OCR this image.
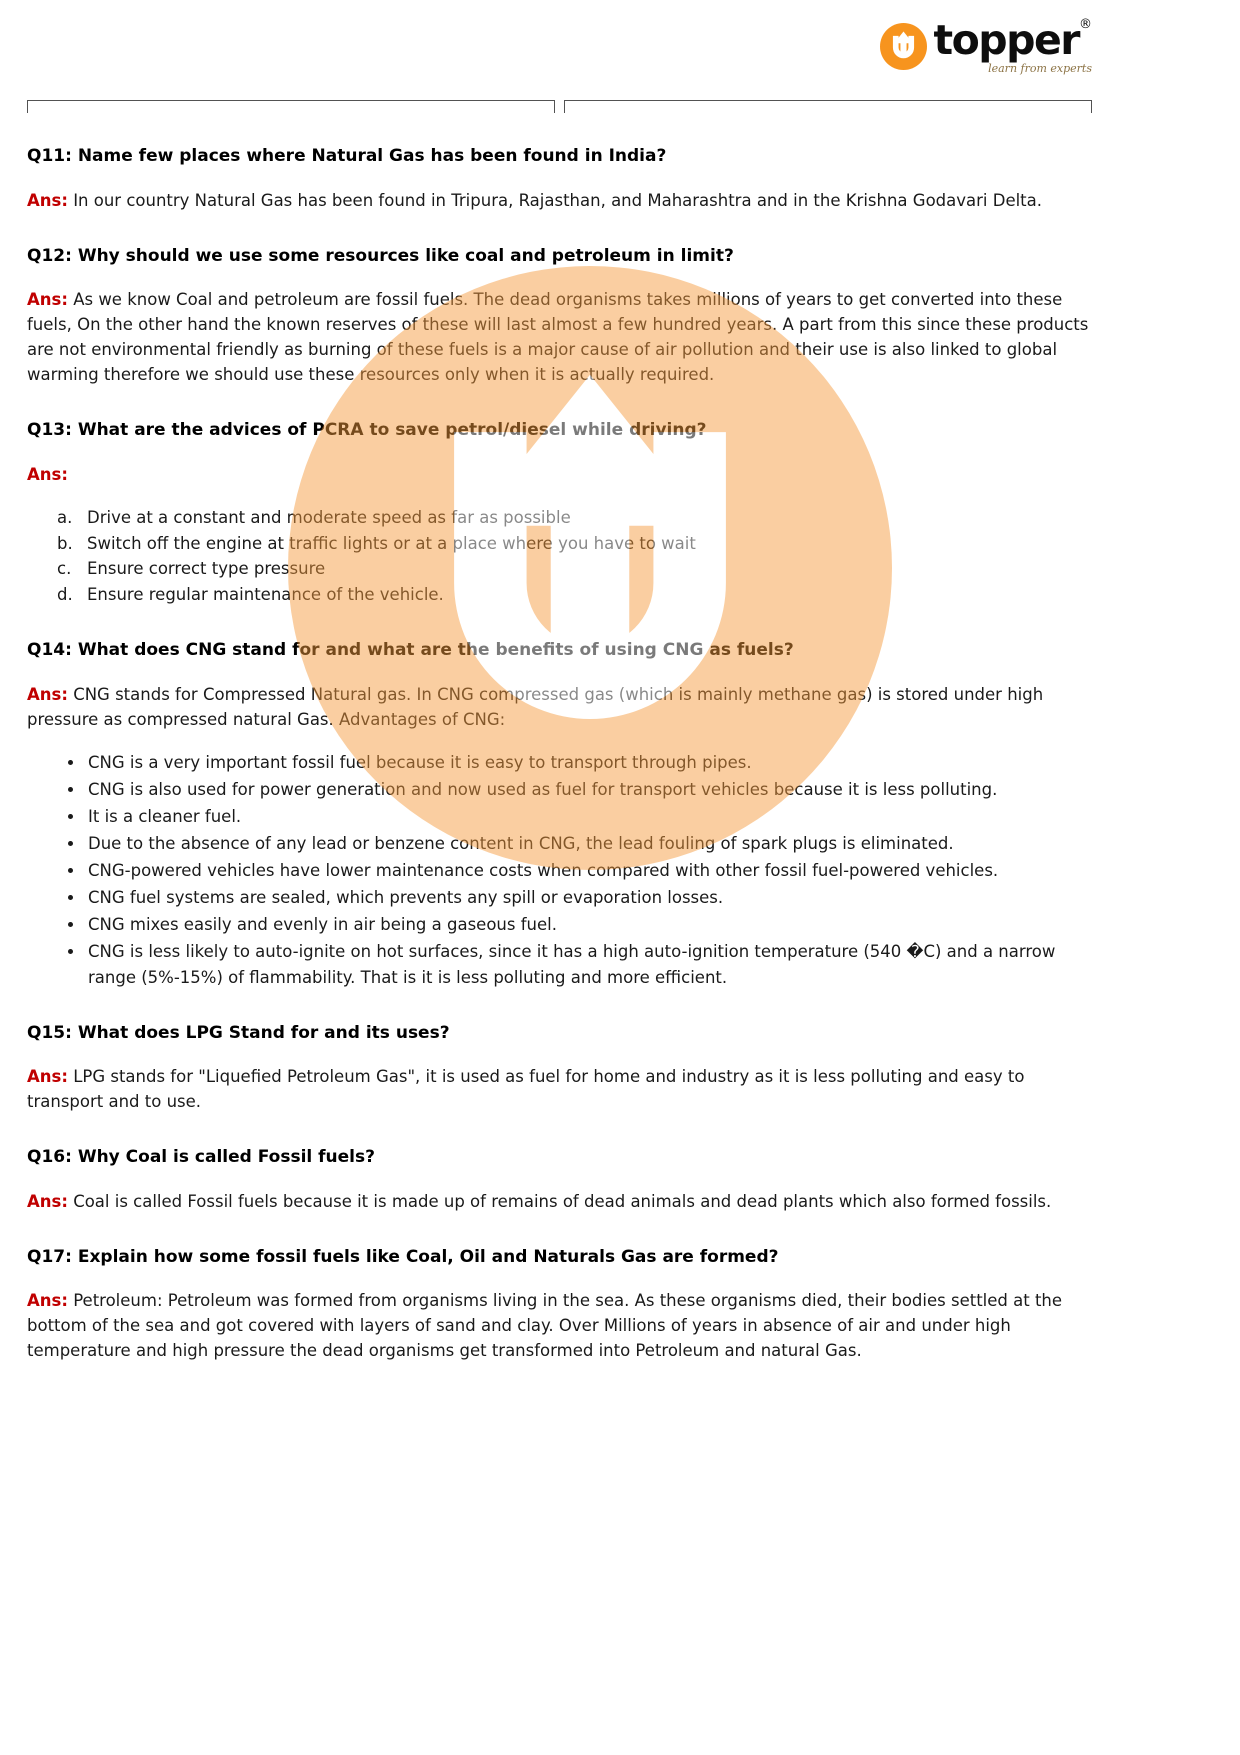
topper®
learn from experts
Q11: Name few places where Natural Gas has been found in India?

Ans: In our country Natural Gas has been found in Tripura, Rajasthan, and Maharashtra and in the Krishna Godavari Delta.

Q12: Why should we use some resources like coal and petroleum in limit?

Ans: As we know Coal and petroleum are fossil fuels. The dead organisms takes millions of years to get converted into these fuels, On the other hand the known reserves of these will last almost a few hundred years. A part from this since these products are not environmental friendly as burning of these fuels is a major cause of air pollution and their use is also linked to global warming therefore we should use these resources only when it is actually required.

Q13: What are the advices of PCRA to save petrol/diesel while driving?

Ans:

a. Drive at a constant and moderate speed as far as possible
b. Switch off the engine at traffic lights or at a place where you have to wait
c. Ensure correct type pressure
d. Ensure regular maintenance of the vehicle.
Q14: What does CNG stand for and what are the benefits of using CNG as fuels?

Ans: CNG stands for Compressed Natural gas. In CNG compressed gas (which is mainly methane gas) is stored under high pressure as compressed natural Gas. Advantages of CNG:

• CNG is a very important fossil fuel because it is easy to transport through pipes.
• CNG is also used for power generation and now used as fuel for transport vehicles because it is less polluting.
• It is a cleaner fuel.
• Due to the absence of any lead or benzene content in CNG, the lead fouling of spark plugs is eliminated.
• CNG-powered vehicles have lower maintenance costs when compared with other fossil fuel-powered vehicles.
• CNG fuel systems are sealed, which prevents any spill or evaporation losses.
• CNG mixes easily and evenly in air being a gaseous fuel.
• CNG is less likely to auto-ignite on hot surfaces, since it has a high auto-ignition temperature (540 �C) and a narrow range (5%-15%) of flammability. That is it is less polluting and more efficient.
Q15: What does LPG Stand for and its uses?

Ans: LPG stands for "Liquefied Petroleum Gas", it is used as fuel for home and industry as it is less polluting and easy to transport and to use.

Q16: Why Coal is called Fossil fuels?

Ans: Coal is called Fossil fuels because it is made up of remains of dead animals and dead plants which also formed fossils.

Q17: Explain how some fossil fuels like Coal, Oil and Naturals Gas are formed?

Ans: Petroleum: Petroleum was formed from organisms living in the sea. As these organisms died, their bodies settled at the bottom of the sea and got covered with layers of sand and clay. Over Millions of years in absence of air and under high temperature and high pressure the dead organisms get transformed into Petroleum and natural Gas.
